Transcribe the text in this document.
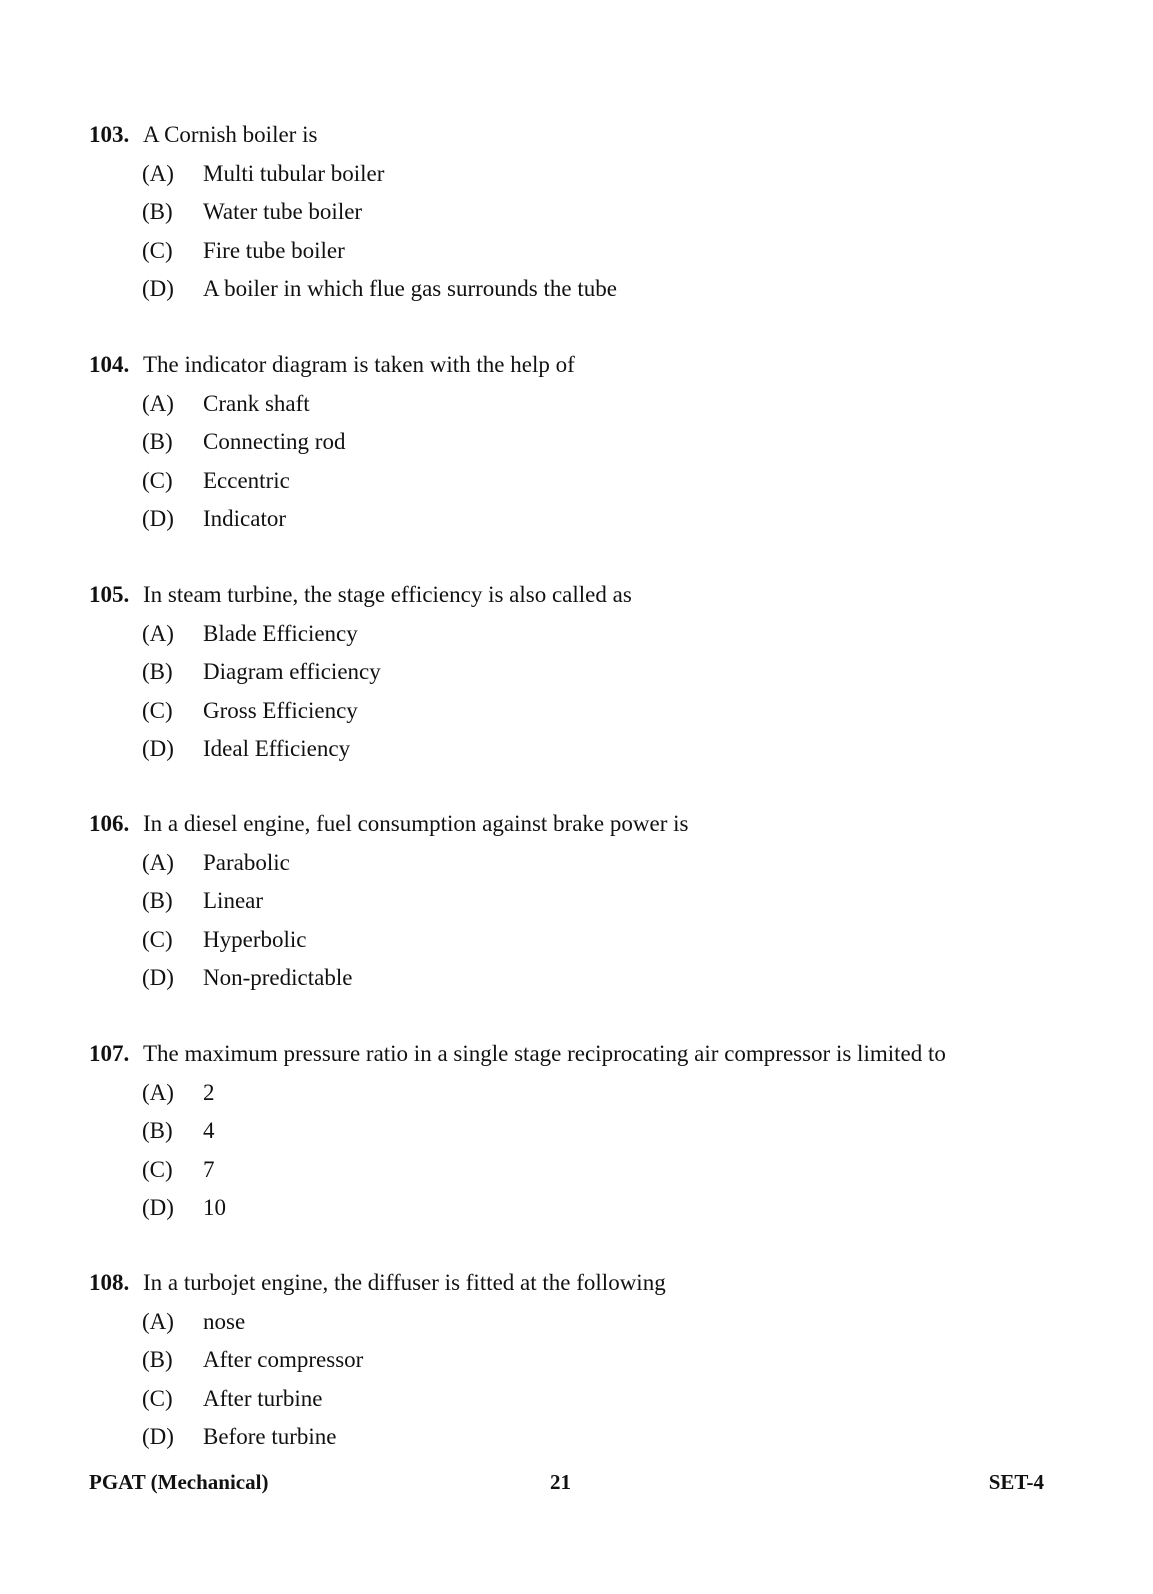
103. A Cornish boiler is
(A) Multi tubular boiler
(B) Water tube boiler
(C) Fire tube boiler
(D) A boiler in which flue gas surrounds the tube
104. The indicator diagram is taken with the help of
(A) Crank shaft
(B) Connecting rod
(C) Eccentric
(D) Indicator
105. In steam turbine, the stage efficiency is also called as
(A) Blade Efficiency
(B) Diagram efficiency
(C) Gross Efficiency
(D) Ideal Efficiency
106. In a diesel engine, fuel consumption against brake power is
(A) Parabolic
(B) Linear
(C) Hyperbolic
(D) Non-predictable
107. The maximum pressure ratio in a single stage reciprocating air compressor is limited to
(A) 2
(B) 4
(C) 7
(D) 10
108. In a turbojet engine, the diffuser is fitted at the following
(A) nose
(B) After compressor
(C) After turbine
(D) Before turbine
PGAT (Mechanical)	21	SET-4
